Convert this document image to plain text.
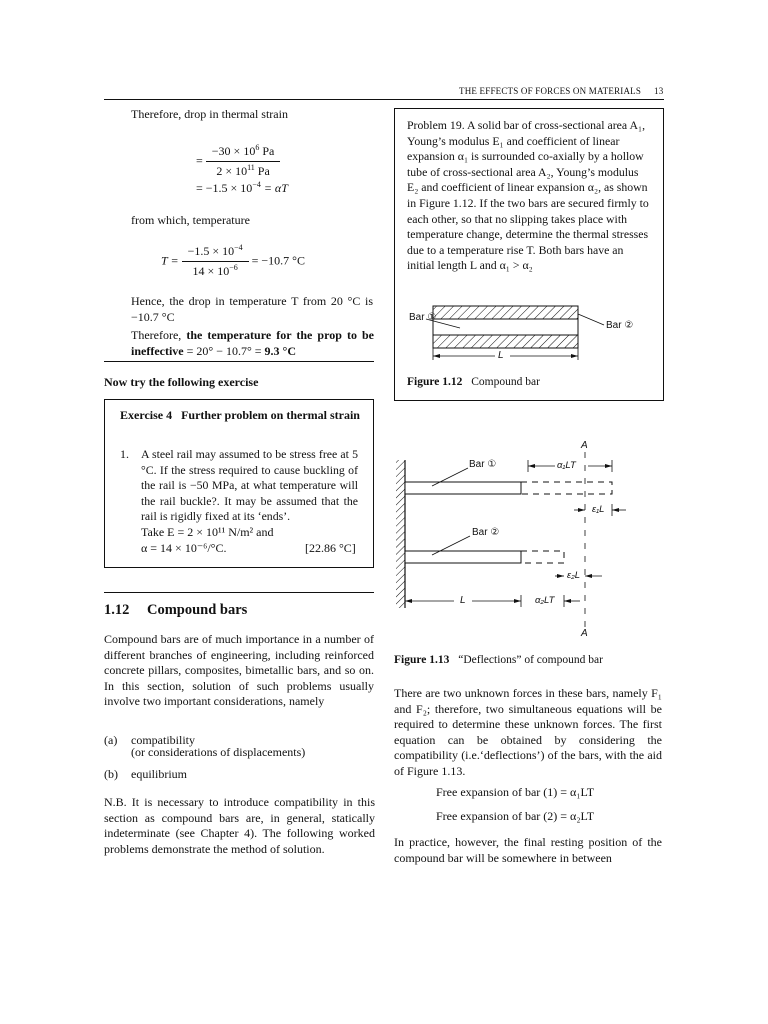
THE EFFECTS OF FORCES ON MATERIALS 13
Therefore, drop in thermal strain
= $\frac{-30 \times 10^6 Pa}{2 \times 10^{11} Pa}$
= $-1.5 \times 10^{-4} = \alpha T$
from which, temperature
$T = \frac{-1.5 \times 10^{-4}}{14 \times 10^{-6}} = -10.7$ °C
Hence, the drop in temperature T from 20 °C is −10.7 °C
Therefore, the temperature for the prop to be ineffective = 20° − 10.7° = 9.3 °C
Now try the following exercise
Exercise 4   Further problem on thermal strain
1. A steel rail may assumed to be stress free at 5 °C. If the stress required to cause buckling of the rail is −50 MPa, at what temperature will the rail buckle?. It may be assumed that the rail is rigidly fixed at its ‘ends’.
Take E = 2 × 10¹¹ N/m² and
α = 14 × 10⁻⁶/°C.	[22.86 °C]
1.12 Compound bars
Compound bars are of much importance in a number of different branches of engineering, including reinforced concrete pillars, composites, bimetallic bars, and so on. In this section, solution of such problems usually involve two important considerations, namely
(a) compatibility
(or considerations of displacements)
(b) equilibrium
N.B. It is necessary to introduce compatibility in this section as compound bars are, in general, statically indeterminate (see Chapter 4). The following worked problems demonstrate the method of solution.
Problem 19. A solid bar of cross-sectional area A₁, Young’s modulus E₁ and coefficient of linear expansion α₁ is surrounded co-axially by a hollow tube of cross-sectional area A₂, Young’s modulus E₂ and coefficient of linear expansion α₂, as shown in Figure 1.12. If the two bars are secured firmly to each other, so that no slipping takes place with temperature change, determine the thermal stresses due to a temperature rise T. Both bars have an initial length L and α₁ > α₂
Bar ①
Bar ②
L
Figure 1.12 Compound bar
A
A
Bar ①
Bar ②
α₁LT
ε₁L
ε₂L
L	α₂LT
Figure 1.13 “Deflections” of compound bar
There are two unknown forces in these bars, namely F₁ and F₂; therefore, two simultaneous equations will be required to determine these unknown forces. The first equation can be obtained by considering the compatibility (i.e.‘deflections’) of the bars, with the aid of Figure 1.13.
Free expansion of bar (1) = α₁LT
Free expansion of bar (2) = α₂LT
In practice, however, the final resting position of the compound bar will be somewhere in between
